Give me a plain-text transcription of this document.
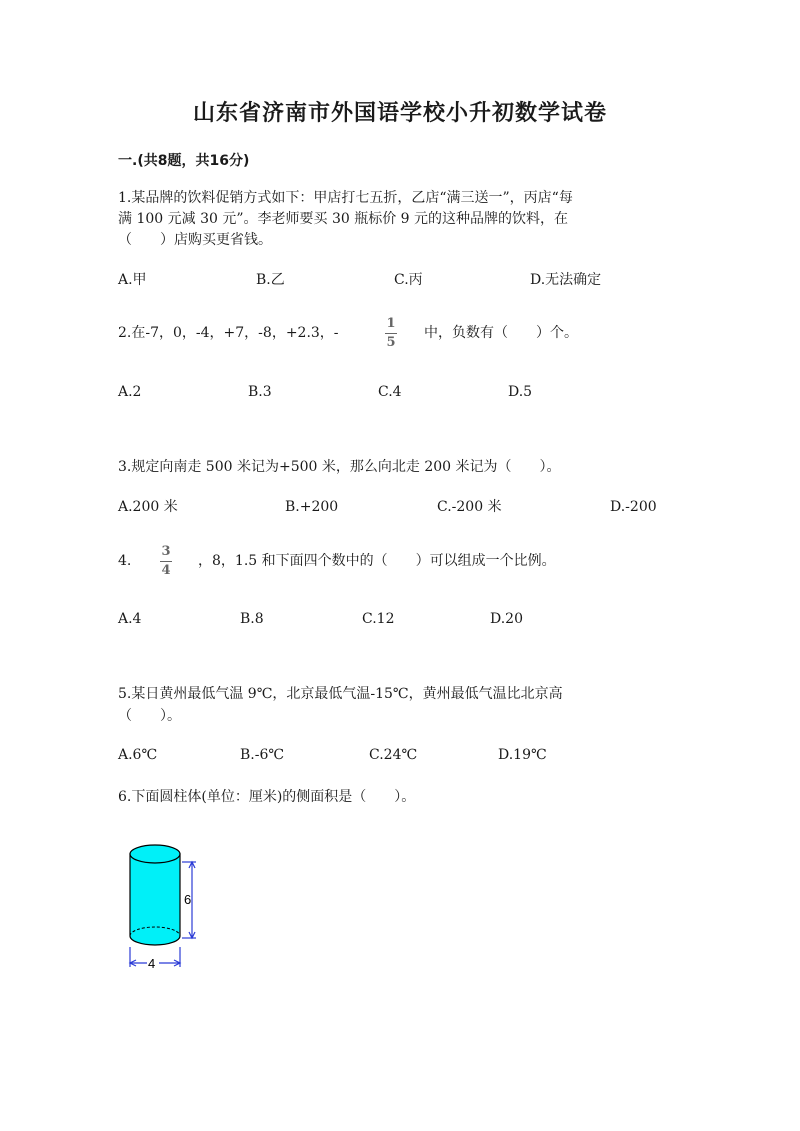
山东省济南市外国语学校小升初数学试卷
一.(共8题，共16分)
1.某品牌的饮料促销方式如下：甲店打七五折，乙店“满三送一”，丙店“每
满 100 元减 30 元”。李老师要买 30 瓶标价 9 元的这种品牌的饮料，在
（　　）店购买更省钱。
A.甲	B.乙	C.丙	D.无法确定
2.在-7，0，-4，+7，-8，+2.3，-
1
5
中，负数有（　　）个。
A.2	B.3	C.4	D.5
3.规定向南走 500 米记为+500 米，那么向北走 200 米记为（　　）。
A.200 米	B.+200	C.-200 米	D.-200
4.
3
4
，8，1.5 和下面四个数中的（　　）可以组成一个比例。
A.4	B.8	C.12	D.20
5.某日黄州最低气温 9℃，北京最低气温-15℃，黄州最低气温比北京高
（　　）。
A.6℃	B.-6℃	C.24℃	D.19℃
6.下面圆柱体(单位：厘米)的侧面积是（　　）。
6
4
